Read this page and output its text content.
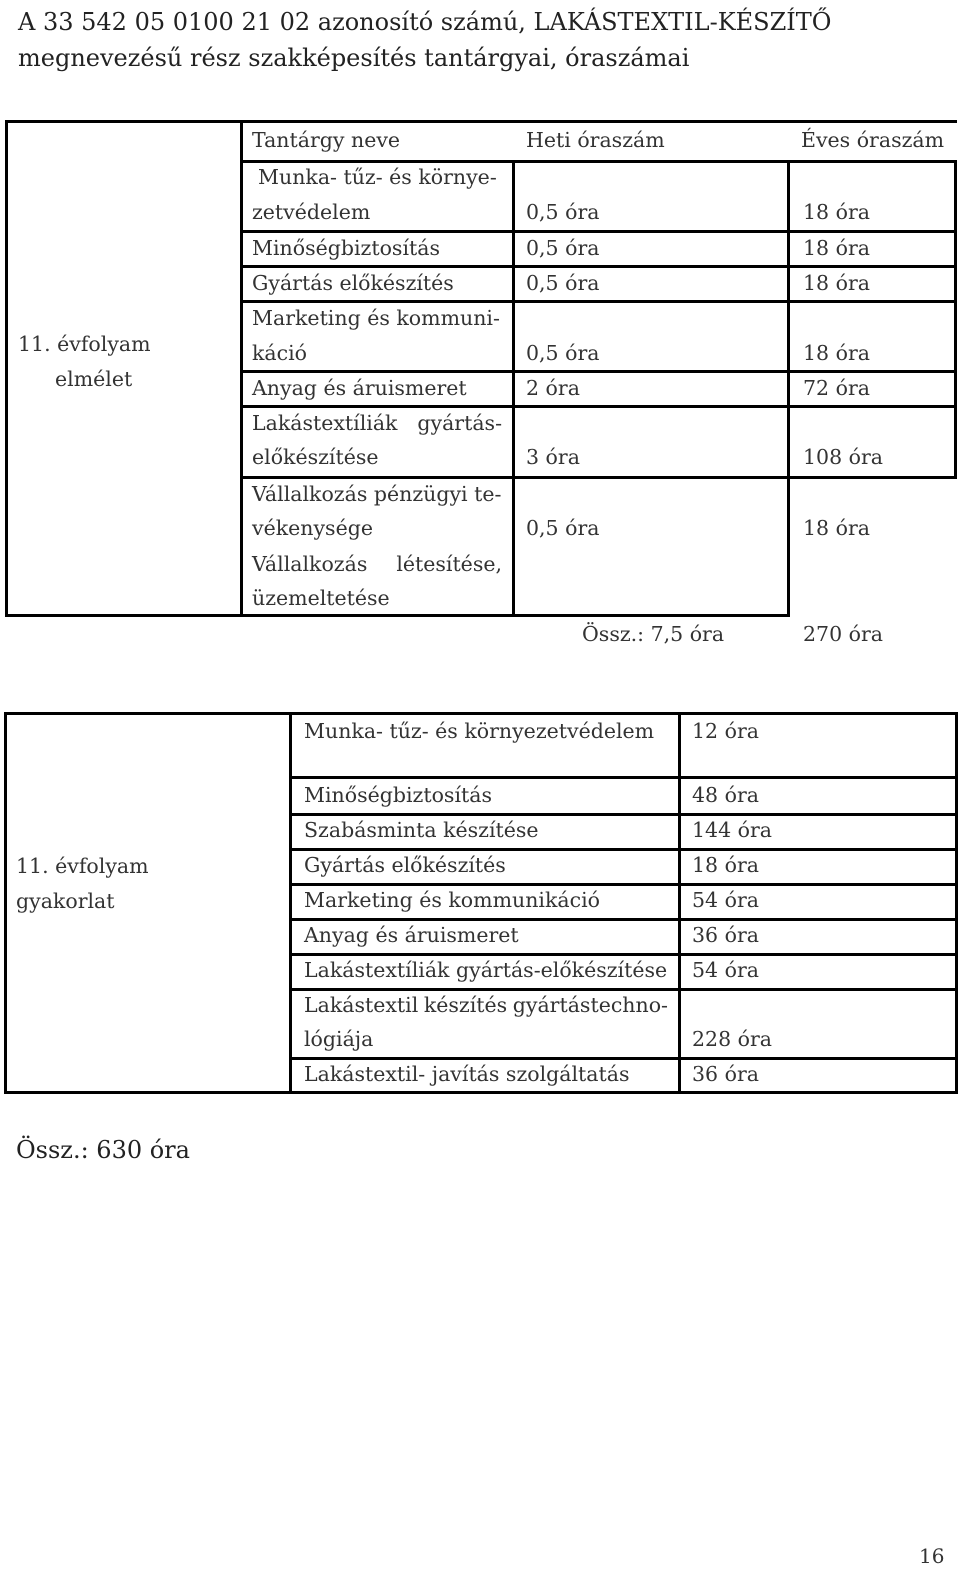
A 33 542 05 0100 21 02 azonosító számú, LAKÁSTEXTIL-KÉSZÍTŐ megnevezésű rész szakképesítés tantárgyai, óraszámai
11. évfolyam
elmélet
Tantárgy neve	Heti óraszám	Éves óraszám
Munka- tűz- és környe-
zetvédelem	0,5 óra	18 óra
Minőségbiztosítás	0,5 óra	18 óra
Gyártás előkészítés	0,5 óra	18 óra
Marketing és kommuni-
káció	0,5 óra	18 óra
Anyag és áruismeret	2 óra	72 óra
Lakástextíliák gyártás-
előkészítése	3 óra	108 óra
Vállalkozás pénzügyi te-
vékenysége	0,5 óra	18 óra
Vállalkozás létesítése,
üzemeltetése
Össz.: 7,5 óra	270 óra
11. évfolyam
gyakorlat
Munka- tűz- és környezetvédelem 12 óra
Minőségbiztosítás	48 óra
Szabásminta készítése	144 óra
Gyártás előkészítés	18 óra
Marketing és kommunikáció	54 óra
Anyag és áruismeret	36 óra
Lakástextíliák gyártás-előkészítése 54 óra
Lakástextil készítés gyártástechno-
lógiája	228 óra
Lakástextil- javítás szolgáltatás	36 óra
Össz.: 630 óra
16
